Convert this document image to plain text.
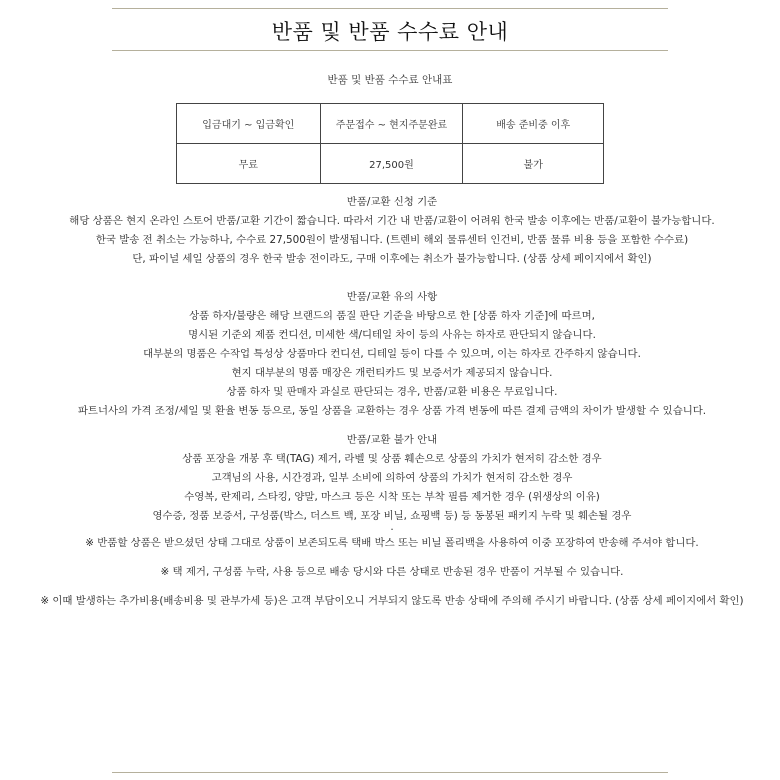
반품 및 반품 수수료 안내
반품 및 반품 수수료 안내표
입금대기 ~ 입금확인	주문접수 ~ 현지주문완료	배송 준비중 이후
무료	27,500원	불가

반품/교환 신청 기준

해당 상품은 현지 온라인 스토어 반품/교환 기간이 짧습니다. 따라서 기간 내 반품/교환이 어려워 한국 발송 이후에는 반품/교환이 불가능합니다.

한국 발송 전 취소는 가능하나, 수수료 27,500원이 발생됩니다. (트렌비 해외 물류센터 인건비, 반품 물류 비용 등을 포함한 수수료)

단, 파이널 세일 상품의 경우 한국 발송 전이라도, 구매 이후에는 취소가 불가능합니다. (상품 상세 페이지에서 확인)

반품/교환 유의 사항

상품 하자/불량은 해당 브랜드의 품질 판단 기준을 바탕으로 한 [상품 하자 기준]에 따르며,

명시된 기준외 제품 컨디션, 미세한 색/디테일 차이 등의 사유는 하자로 판단되지 않습니다.

대부분의 명품은 수작업 특성상 상품마다 컨디션, 디테일 등이 다를 수 있으며, 이는 하자로 간주하지 않습니다.

현지 대부분의 명품 매장은 개런티카드 및 보증서가 제공되지 않습니다.

상품 하자 및 판매자 과실로 판단되는 경우, 반품/교환 비용은 무료입니다.

파트너사의 가격 조정/세일 및 환율 변동 등으로, 동일 상품을 교환하는 경우 상품 가격 변동에 따른 결제 금액의 차이가 발생할 수 있습니다.

반품/교환 불가 안내

상품 포장을 개봉 후 택(TAG) 제거, 라벨 및 상품 훼손으로 상품의 가치가 현저히 감소한 경우

고객님의 사용, 시간경과, 일부 소비에 의하여 상품의 가치가 현저히 감소한 경우

수영복, 란제리, 스타킹, 양말, 마스크 등은 시착 또는 부착 필름 제거한 경우 (위생상의 이유)

영수증, 정품 보증서, 구성품(박스, 더스트 백, 포장 비닐, 쇼핑백 등) 등 동봉된 패키지 누락 및 훼손될 경우

·

※ 반품할 상품은 받으셨던 상태 그대로 상품이 보존되도록 택배 박스 또는 비닐 폴리백을 사용하여 이중 포장하여 반송해 주셔야 합니다.

※ 택 제거, 구성품 누락, 사용 등으로 배송 당시와 다른 상태로 반송된 경우 반품이 거부될 수 있습니다.

※ 이때 발생하는 추가비용(배송비용 및 관부가세 등)은 고객 부담이오니 거부되지 않도록 반송 상태에 주의해 주시기 바랍니다. (상품 상세 페이지에서 확인)
